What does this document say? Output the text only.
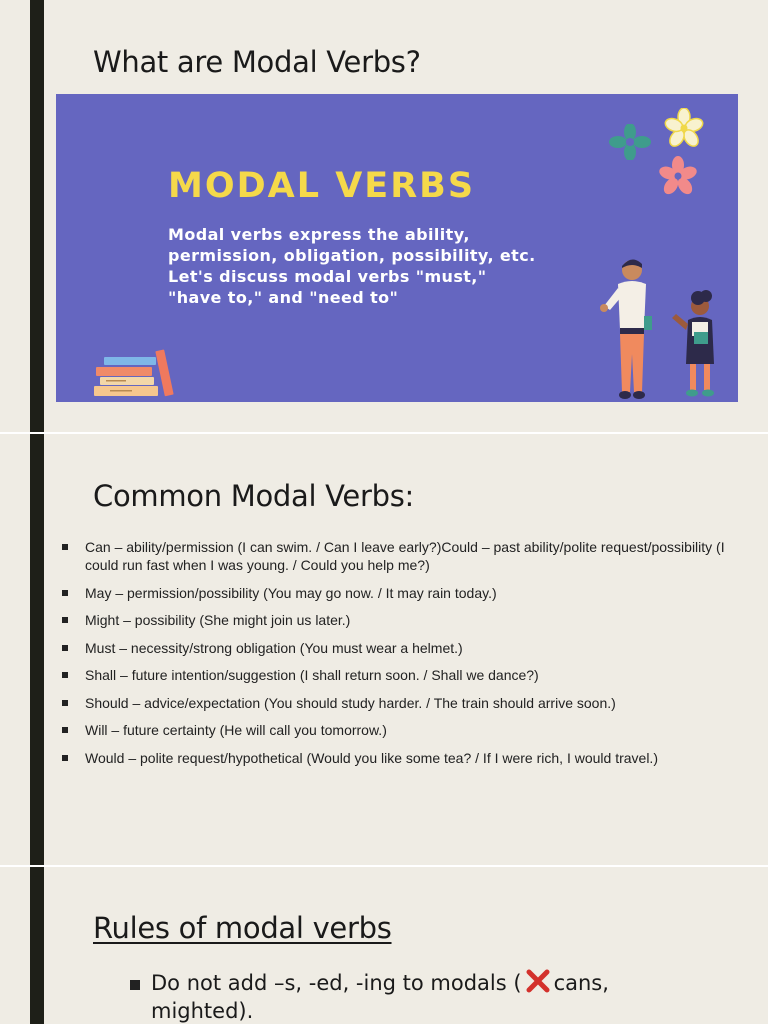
What are Modal Verbs?
MODAL VERBS
Modal verbs express the ability,
permission, obligation, possibility, etc.
Let's discuss modal verbs "must,"
"have to," and "need to"
Common Modal Verbs:
Can – ability/permission (I can swim. / Can I leave early?)Could – past ability/polite request/possibility (I could run fast when I was young. / Could you help me?)
May – permission/possibility (You may go now. / It may rain today.)
Might – possibility (She might join us later.)
Must – necessity/strong obligation (You must wear a helmet.)
Shall – future intention/suggestion (I shall return soon. / Shall we dance?)
Should – advice/expectation (You should study harder. / The train should arrive soon.)
Will – future certainty (He will call you tomorrow.)
Would – polite request/hypothetical (Would you like some tea? / If I were rich, I would travel.)
Rules of modal verbs
Do not add –s, -ed, -ing to modals ( cans, mighted).
